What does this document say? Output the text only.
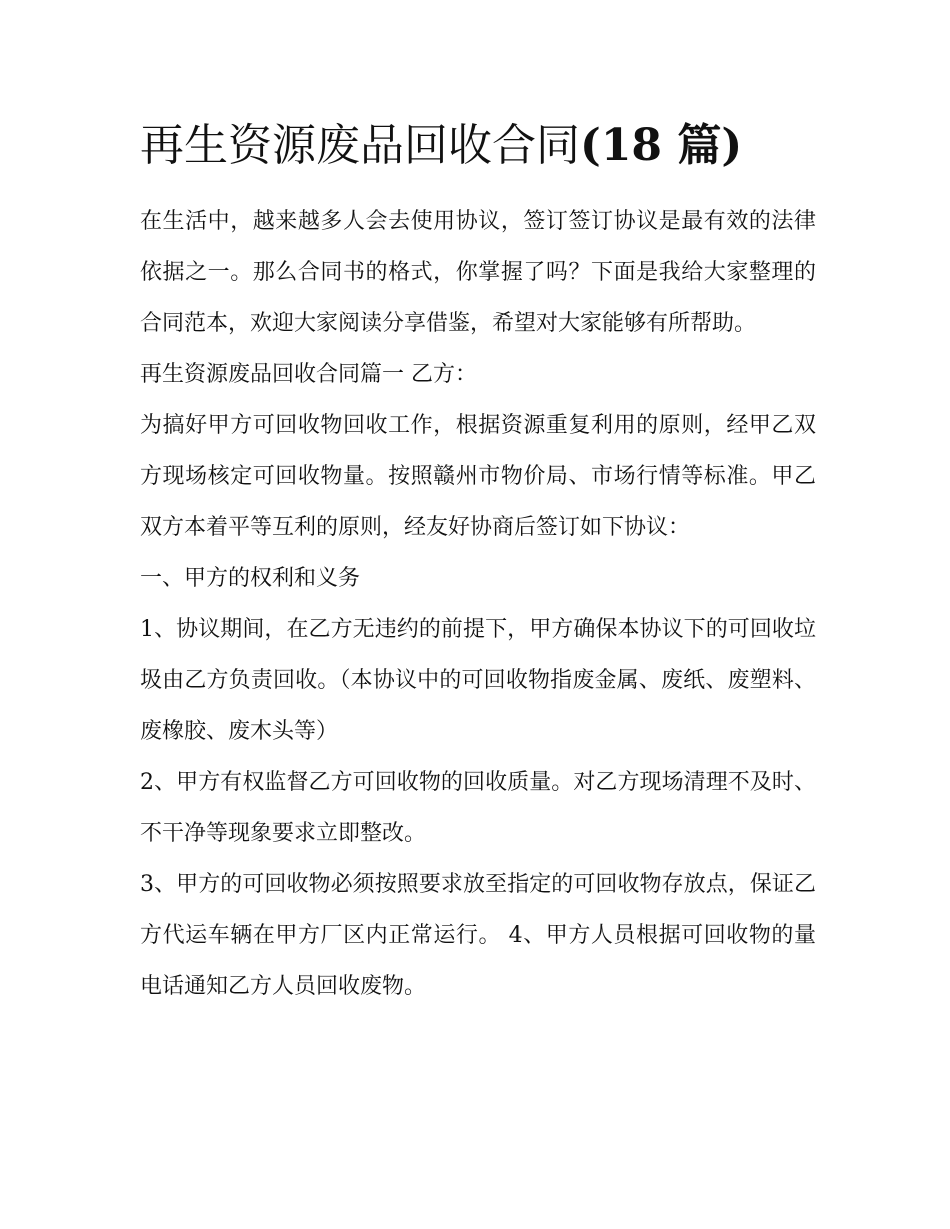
再生资源废品回收合同(18 篇)

在生活中，越来越多人会去使用协议，签订签订协议是最有效的法律依据之一。那么合同书的格式，你掌握了吗？下面是我给大家整理的合同范本，欢迎大家阅读分享借鉴，希望对大家能够有所帮助。

再生资源废品回收合同篇一 乙方：

为搞好甲方可回收物回收工作，根据资源重复利用的原则，经甲乙双方现场核定可回收物量。按照赣州市物价局、市场行情等标准。甲乙双方本着平等互利的原则，经友好协商后签订如下协议：

一、甲方的权利和义务

1、协议期间，在乙方无违约的前提下，甲方确保本协议下的可回收垃圾由乙方负责回收。（本协议中的可回收物指废金属、废纸、废塑料、废橡胶、废木头等）

2、甲方有权监督乙方可回收物的回收质量。对乙方现场清理不及时、不干净等现象要求立即整改。

3、甲方的可回收物必须按照要求放至指定的可回收物存放点，保证乙方代运车辆在甲方厂区内正常运行。 4、甲方人员根据可回收物的量电话通知乙方人员回收废物。
